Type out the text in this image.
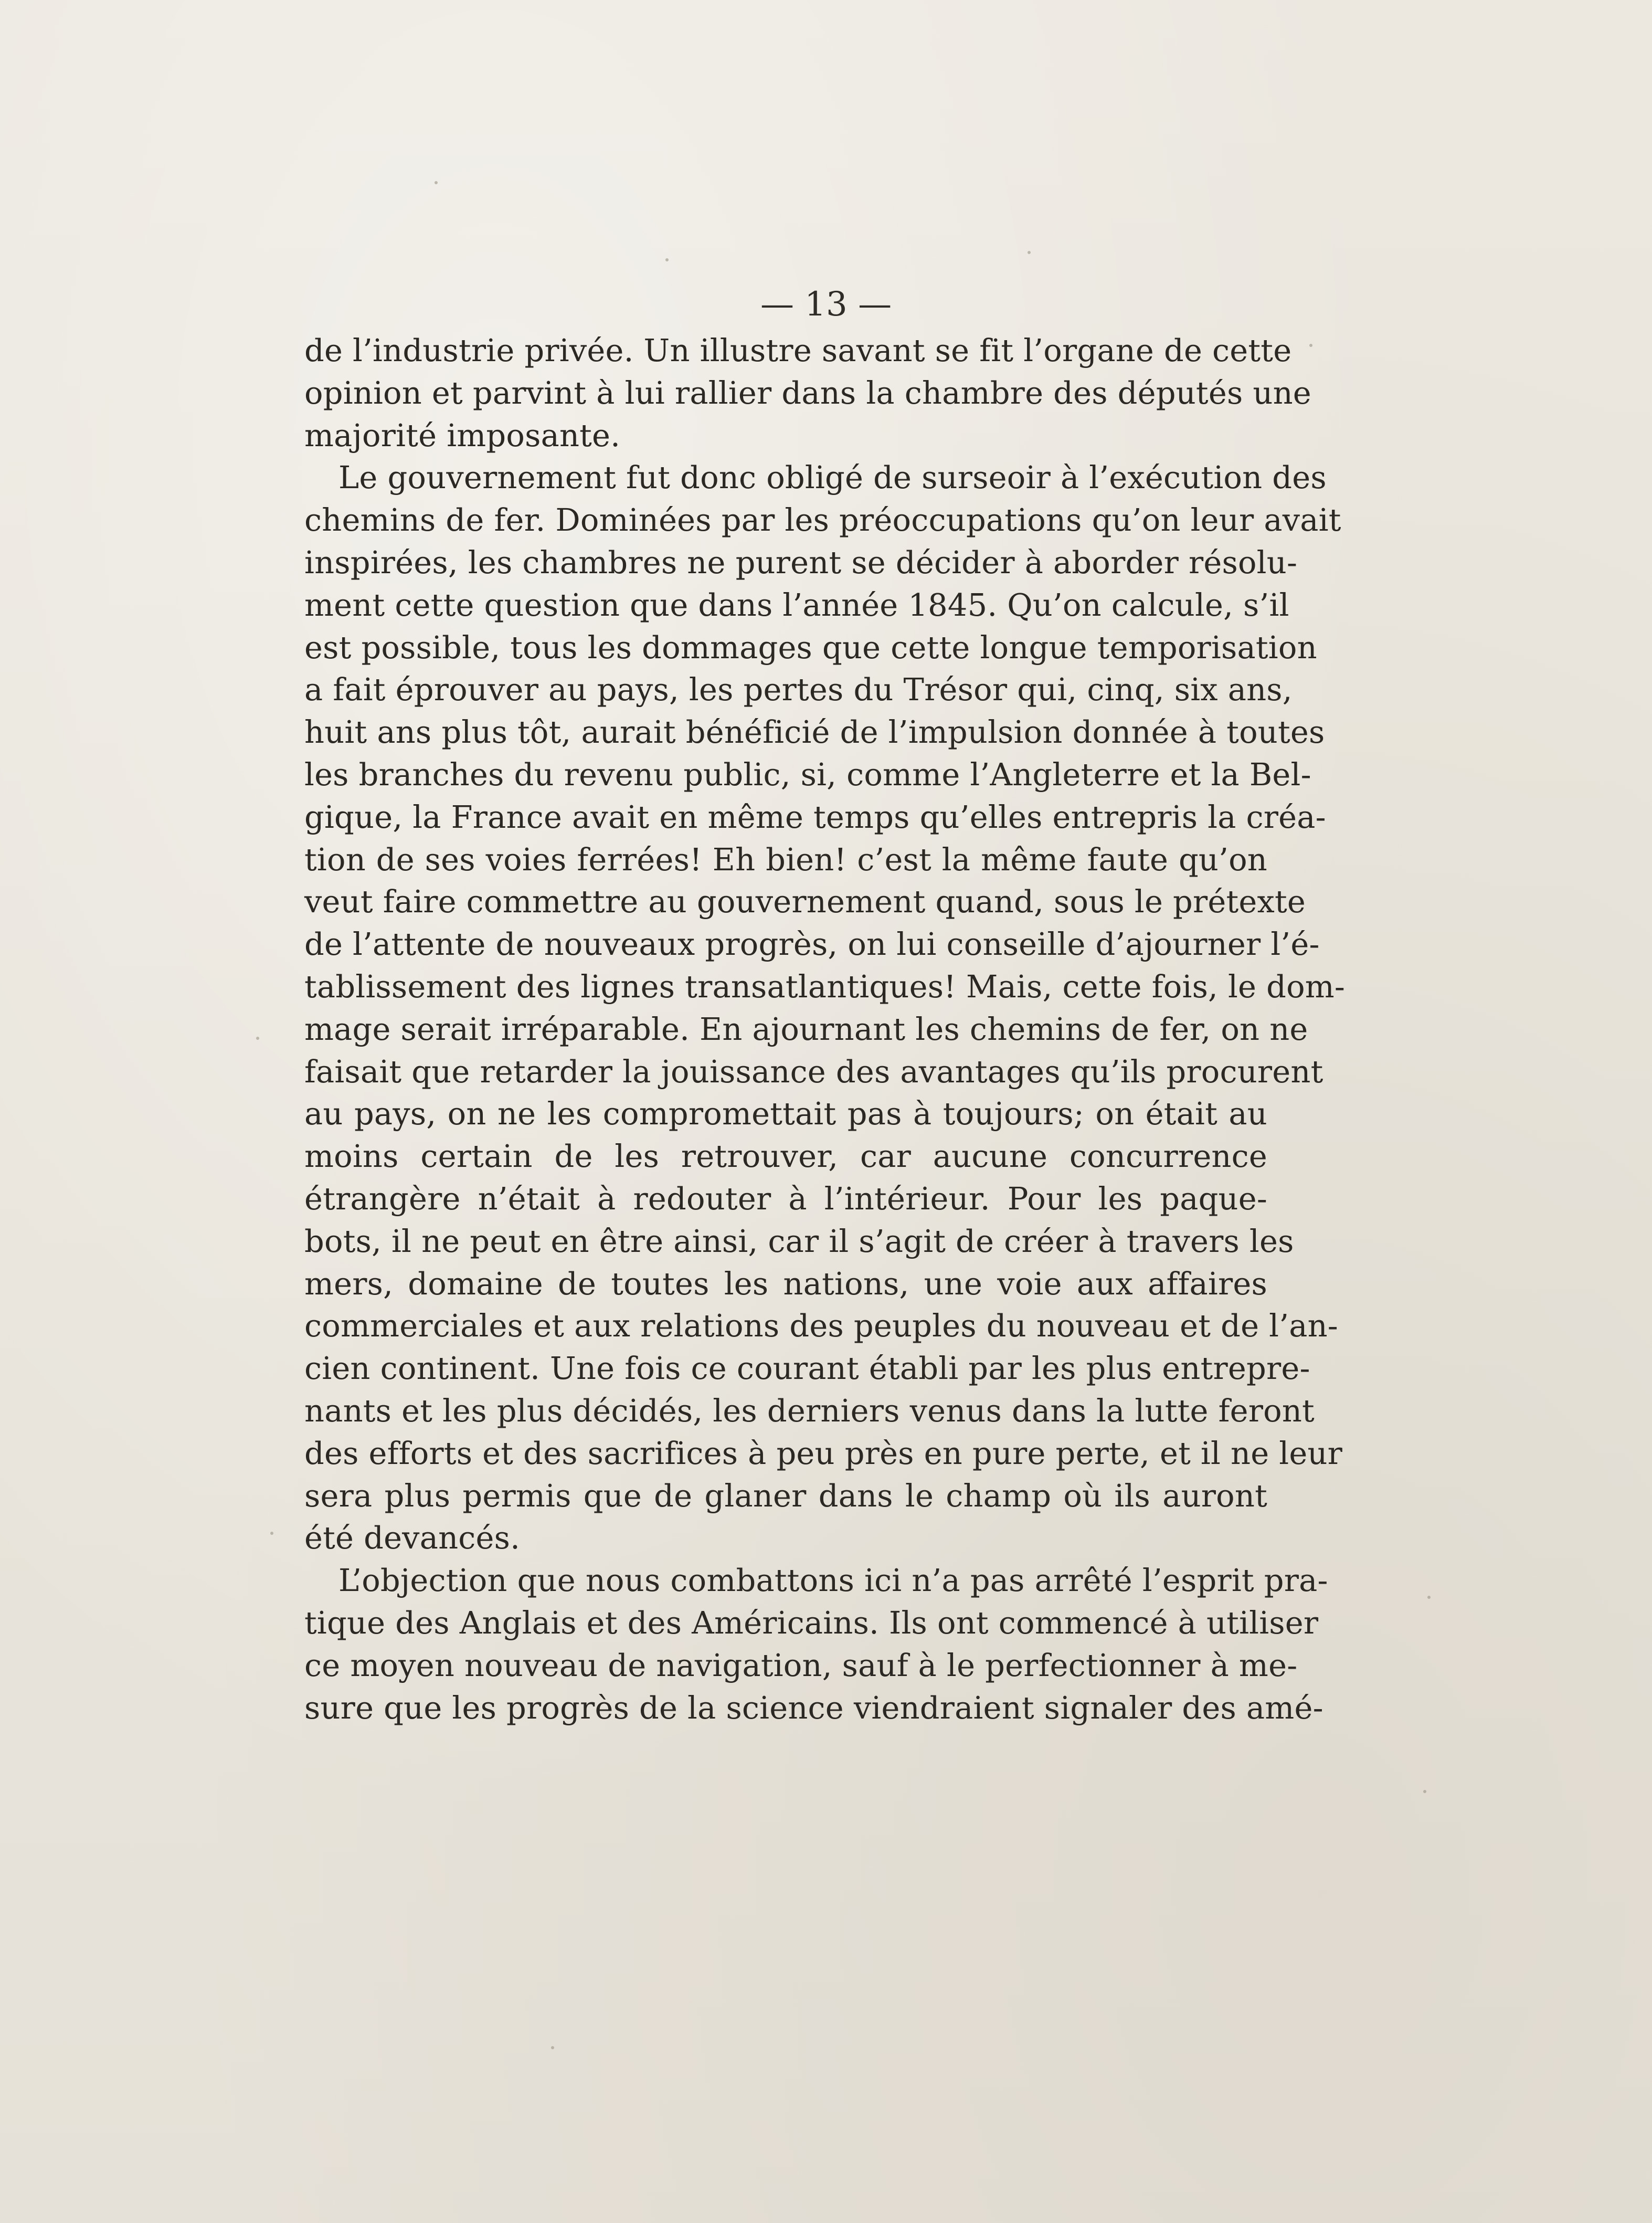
— 13 —
de l’industrie privée. Un illustre savant se fit l’organe de cette
opinion et parvint à lui rallier dans la chambre des députés une
majorité imposante.
Le gouvernement fut donc obligé de surseoir à l’exécution des
chemins de fer. Dominées par les préoccupations qu’on leur avait
inspirées, les chambres ne purent se décider à aborder résolu-
ment cette question que dans l’année 1845. Qu’on calcule, s’il
est possible, tous les dommages que cette longue temporisation
a fait éprouver au pays, les pertes du Trésor qui, cinq, six ans,
huit ans plus tôt, aurait bénéficié de l’impulsion donnée à toutes
les branches du revenu public, si, comme l’Angleterre et la Bel-
gique, la France avait en même temps qu’elles entrepris la créa-
tion de ses voies ferrées! Eh bien! c’est la même faute qu’on
veut faire commettre au gouvernement quand, sous le prétexte
de l’attente de nouveaux progrès, on lui conseille d’ajourner l’é-
tablissement des lignes transatlantiques! Mais, cette fois, le dom-
mage serait irréparable. En ajournant les chemins de fer, on ne
faisait que retarder la jouissance des avantages qu’ils procurent
au pays, on ne les compromettait pas à toujours; on était au
moins certain de les retrouver, car aucune concurrence
étrangère n’était à redouter à l’intérieur. Pour les paque-
bots, il ne peut en être ainsi, car il s’agit de créer à travers les
mers, domaine de toutes les nations, une voie aux affaires
commerciales et aux relations des peuples du nouveau et de l’an-
cien continent. Une fois ce courant établi par les plus entrepre-
nants et les plus décidés, les derniers venus dans la lutte feront
des efforts et des sacrifices à peu près en pure perte, et il ne leur
sera plus permis que de glaner dans le champ où ils auront
été devancés.
L’objection que nous combattons ici n’a pas arrêté l’esprit pra-
tique des Anglais et des Américains. Ils ont commencé à utiliser
ce moyen nouveau de navigation, sauf à le perfectionner à me-
sure que les progrès de la science viendraient signaler des amé-
